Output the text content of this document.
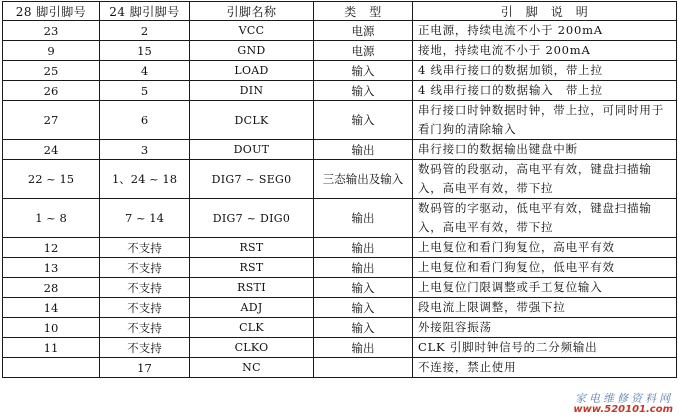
28 脚引脚号	24 脚引脚号	引脚名称	类　型	引　脚　说　明
23	2	VCC	电源	正电源，持续电流不小于 200mA
9	15	GND	电源	接地，持续电流不小于 200mA
25	4	LOAD	输入	4 线串行接口的数据加锁，带上拉
26	5	DIN	输入	4 线串行接口的数据输入　带上拉
27	6	DCLK	输入	串行接口时钟数据时钟，带上拉，可同时用于看门狗的清除输入
24	3	DOUT	输出	串行接口的数据输出键盘中断
22 ~ 15	1、24 ~ 18	DIG7 ~ SEG0	三态输出及输入	数码管的段驱动，高电平有效，键盘扫描输入，高电平有效，带下拉
1 ~ 8	7 ~ 14	DIG7 ~ DIG0	输出	数码管的字驱动，低电平有效，键盘扫描输入，高电平有效，带下拉
12	不支持	RST	输出	上电复位和看门狗复位，高电平有效
13	不支持	RST	输出	上电复位和看门狗复位，低电平有效
28	不支持	RSTI	输入	上电复位门限调整或手工复位输入
14	不支持	ADJ	输入	段电流上限调整，带强下拉
10	不支持	CLK	输入	外接阻容振荡
11	不支持	CLKO	输出	CLK 引脚时钟信号的二分频输出
	17	NC		不连接，禁止使用
家电维修资料网
www.520101.com
